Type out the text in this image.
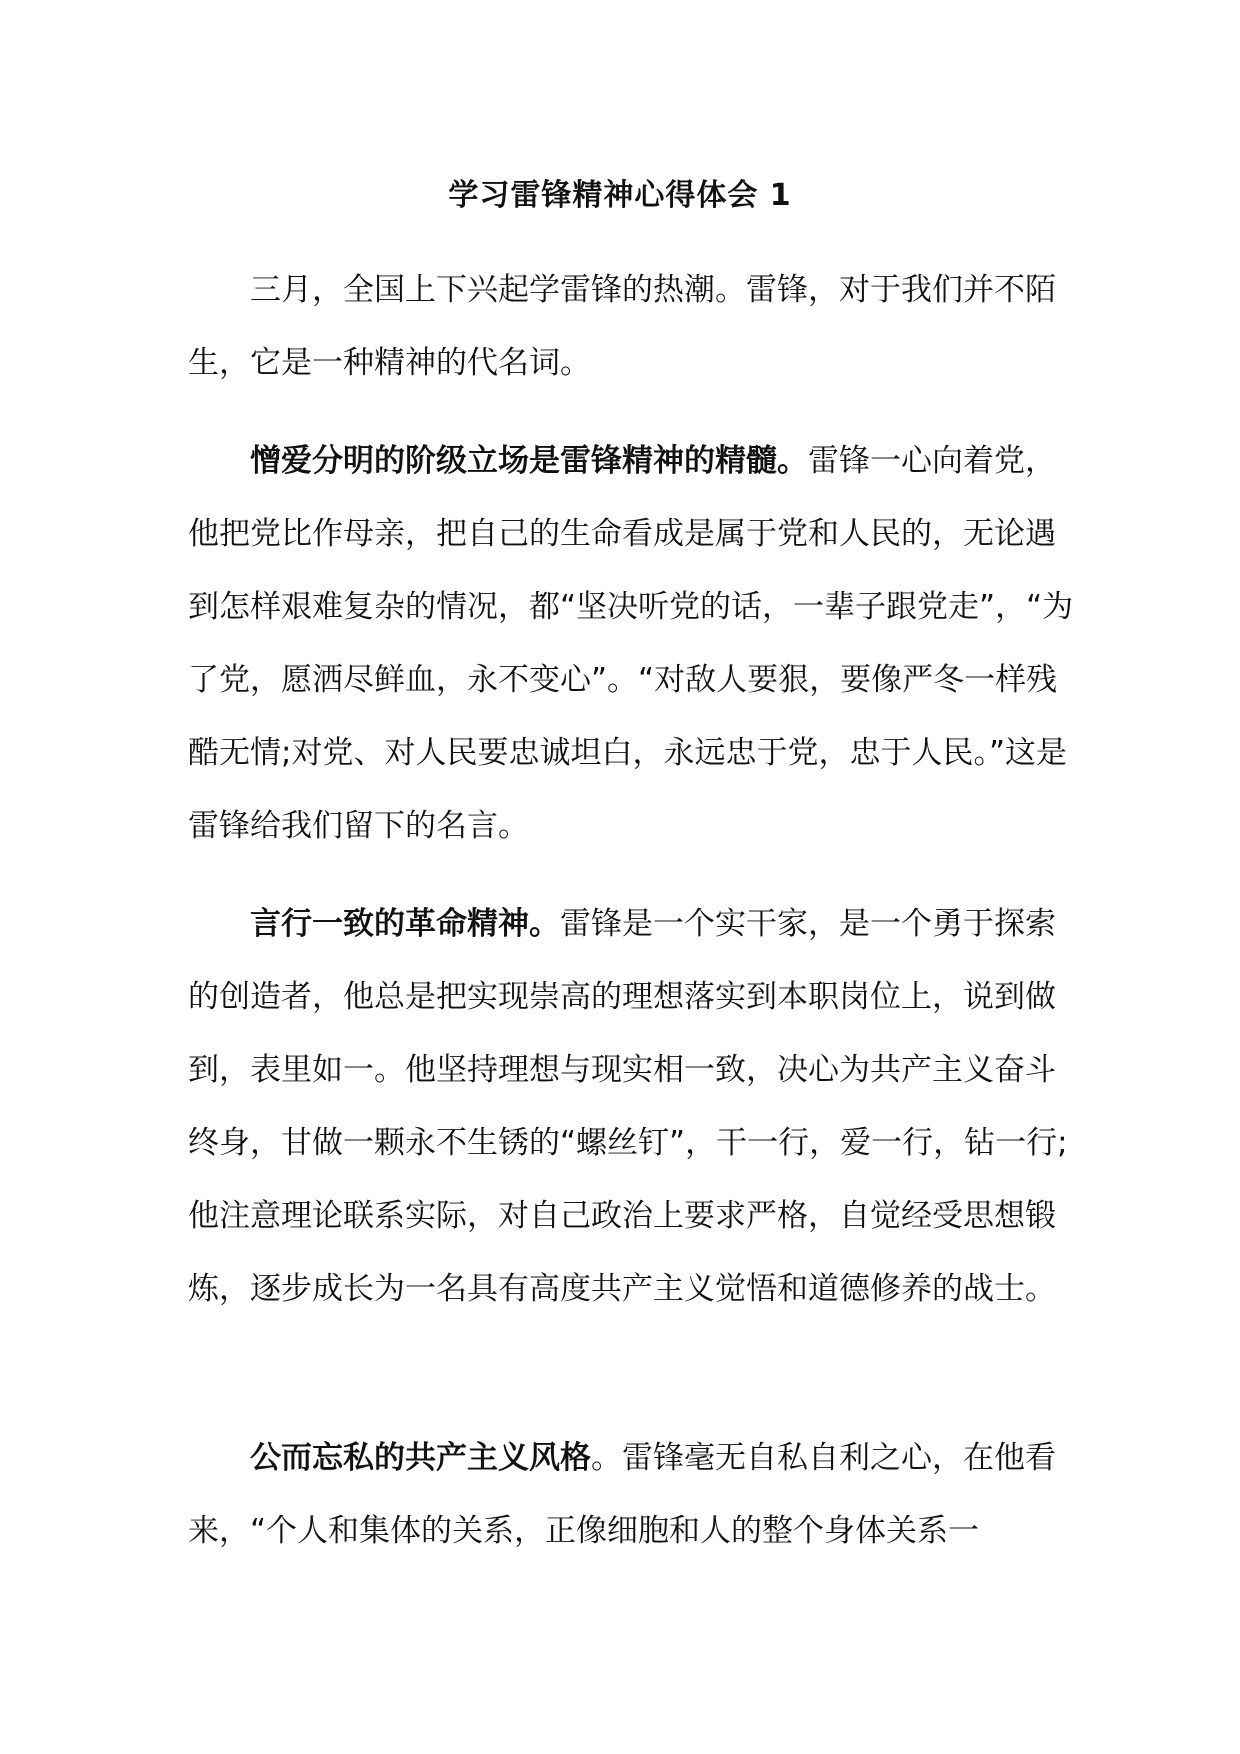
学习雷锋精神心得体会 1

三月，全国上下兴起学雷锋的热潮。雷锋，对于我们并不陌生，它是一种精神的代名词。

憎爱分明的阶级立场是雷锋精神的精髓。雷锋一心向着党，他把党比作母亲，把自己的生命看成是属于党和人民的，无论遇到怎样艰难复杂的情况，都“坚决听党的话，一辈子跟党走”，“为了党，愿洒尽鲜血，永不变心”。“对敌人要狠，要像严冬一样残酷无情;对党、对人民要忠诚坦白，永远忠于党，忠于人民。”这是雷锋给我们留下的名言。

言行一致的革命精神。雷锋是一个实干家，是一个勇于探索的创造者，他总是把实现崇高的理想落实到本职岗位上，说到做到，表里如一。他坚持理想与现实相一致，决心为共产主义奋斗终身，甘做一颗永不生锈的“螺丝钉”，干一行，爱一行，钻一行;他注意理论联系实际，对自己政治上要求严格，自觉经受思想锻炼，逐步成长为一名具有高度共产主义觉悟和道德修养的战士。

公而忘私的共产主义风格。雷锋毫无自私自利之心，在他看来，“个人和集体的关系，正像细胞和人的整个身体关系一
